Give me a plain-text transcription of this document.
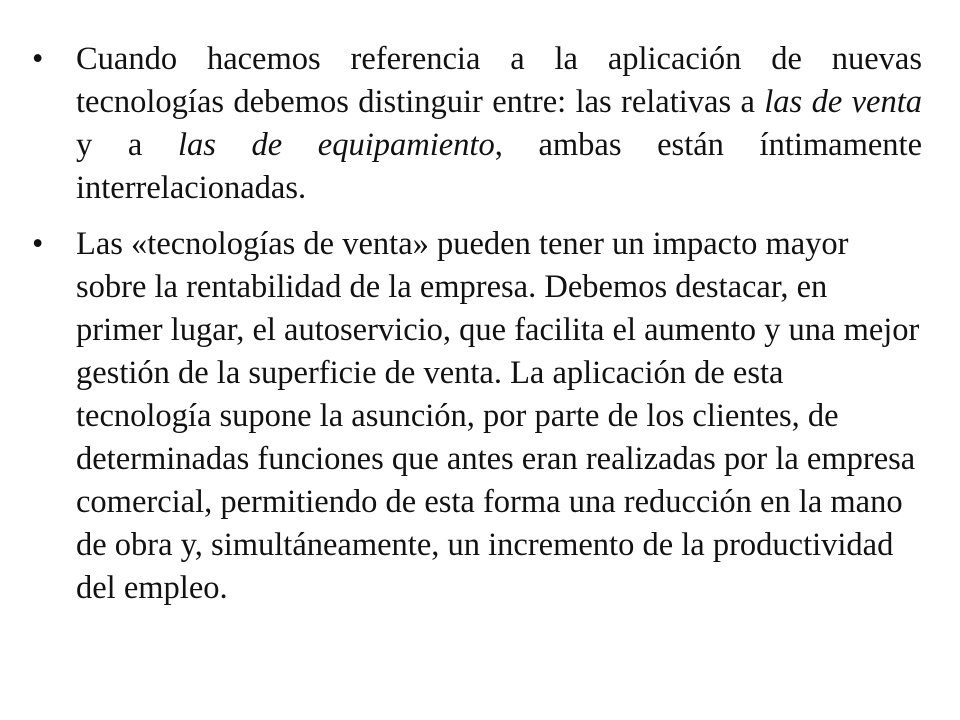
•	Cuando hacemos referencia a la aplicación de nuevas tecnologías debemos distinguir entre: las relativas a las de venta y a las de equipamiento, ambas están íntimamente interrelacionadas.
•	Las «tecnologías de venta» pueden tener un impacto mayor sobre la rentabilidad de la empresa. Debemos destacar, en primer lugar, el autoservicio, que facilita el aumento y una mejor gestión de la superficie de venta. La aplicación de esta tecnología supone la asunción, por parte de los clientes, de determinadas funciones que antes eran realizadas por la empresa comercial, permitiendo de esta forma una reducción en la mano de obra y, simultáneamente, un incremento de la productividad del empleo.
